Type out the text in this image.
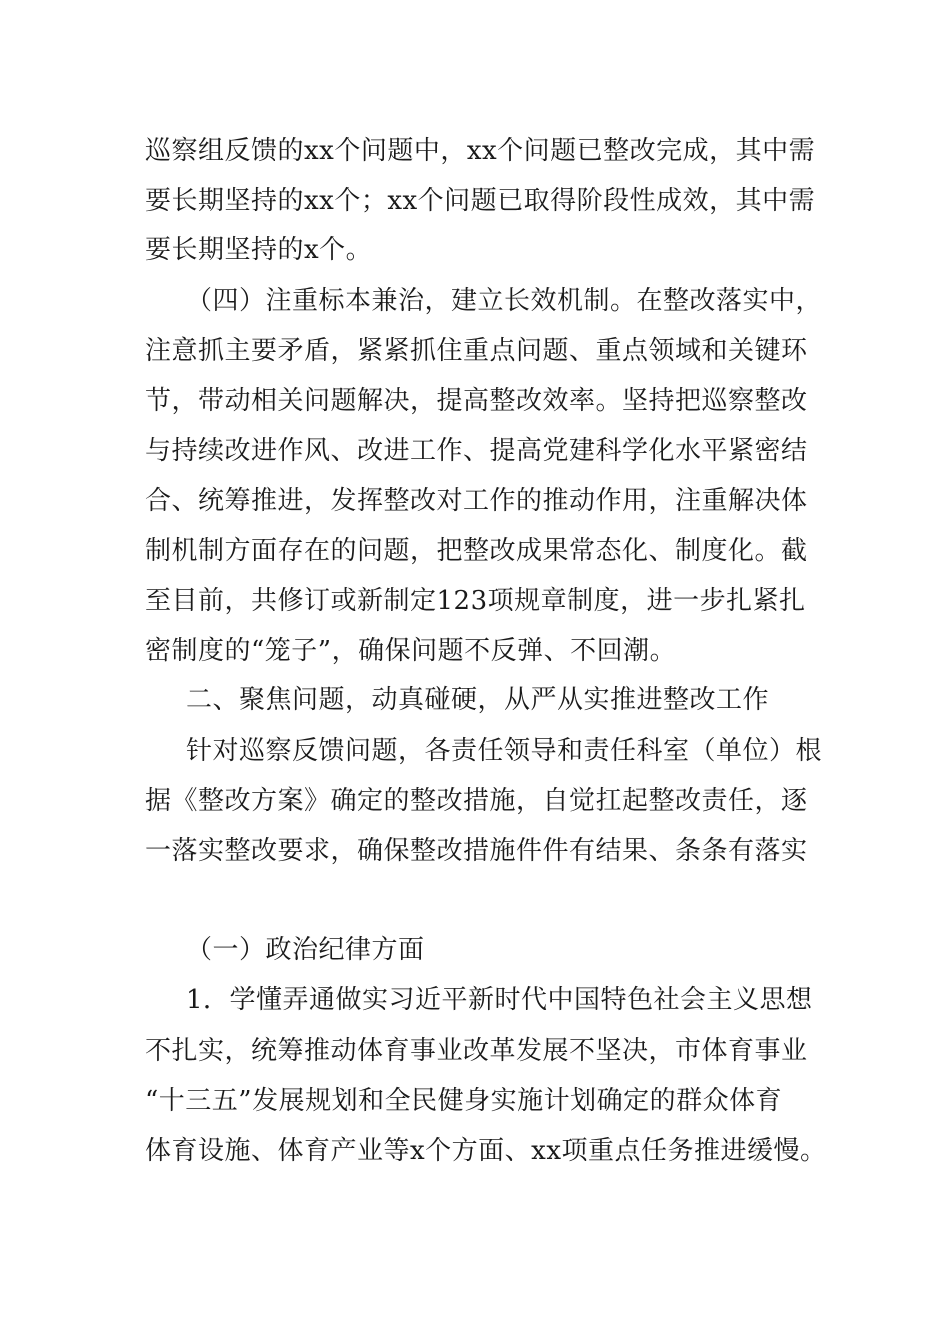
巡察组反馈的xx个问题中，xx个问题已整改完成，其中需
要长期坚持的xx个；xx个问题已取得阶段性成效，其中需
要长期坚持的x个。
（四）注重标本兼治，建立长效机制。在整改落实中，
注意抓主要矛盾，紧紧抓住重点问题、重点领域和关键环
节，带动相关问题解决，提高整改效率。坚持把巡察整改
与持续改进作风、改进工作、提高党建科学化水平紧密结
合、统筹推进，发挥整改对工作的推动作用，注重解决体
制机制方面存在的问题，把整改成果常态化、制度化。截
至目前，共修订或新制定123项规章制度，进一步扎紧扎
密制度的“笼子”，确保问题不反弹、不回潮。
二、聚焦问题，动真碰硬，从严从实推进整改工作
针对巡察反馈问题，各责任领导和责任科室（单位）根
据《整改方案》确定的整改措施，自觉扛起整改责任，逐
一落实整改要求，确保整改措施件件有结果、条条有落实
（一）政治纪律方面
1．学懂弄通做实习近平新时代中国特色社会主义思想
不扎实，统筹推动体育事业改革发展不坚决，市体育事业
“十三五”发展规划和全民健身实施计划确定的群众体育
体育设施、体育产业等x个方面、xx项重点任务推进缓慢。
